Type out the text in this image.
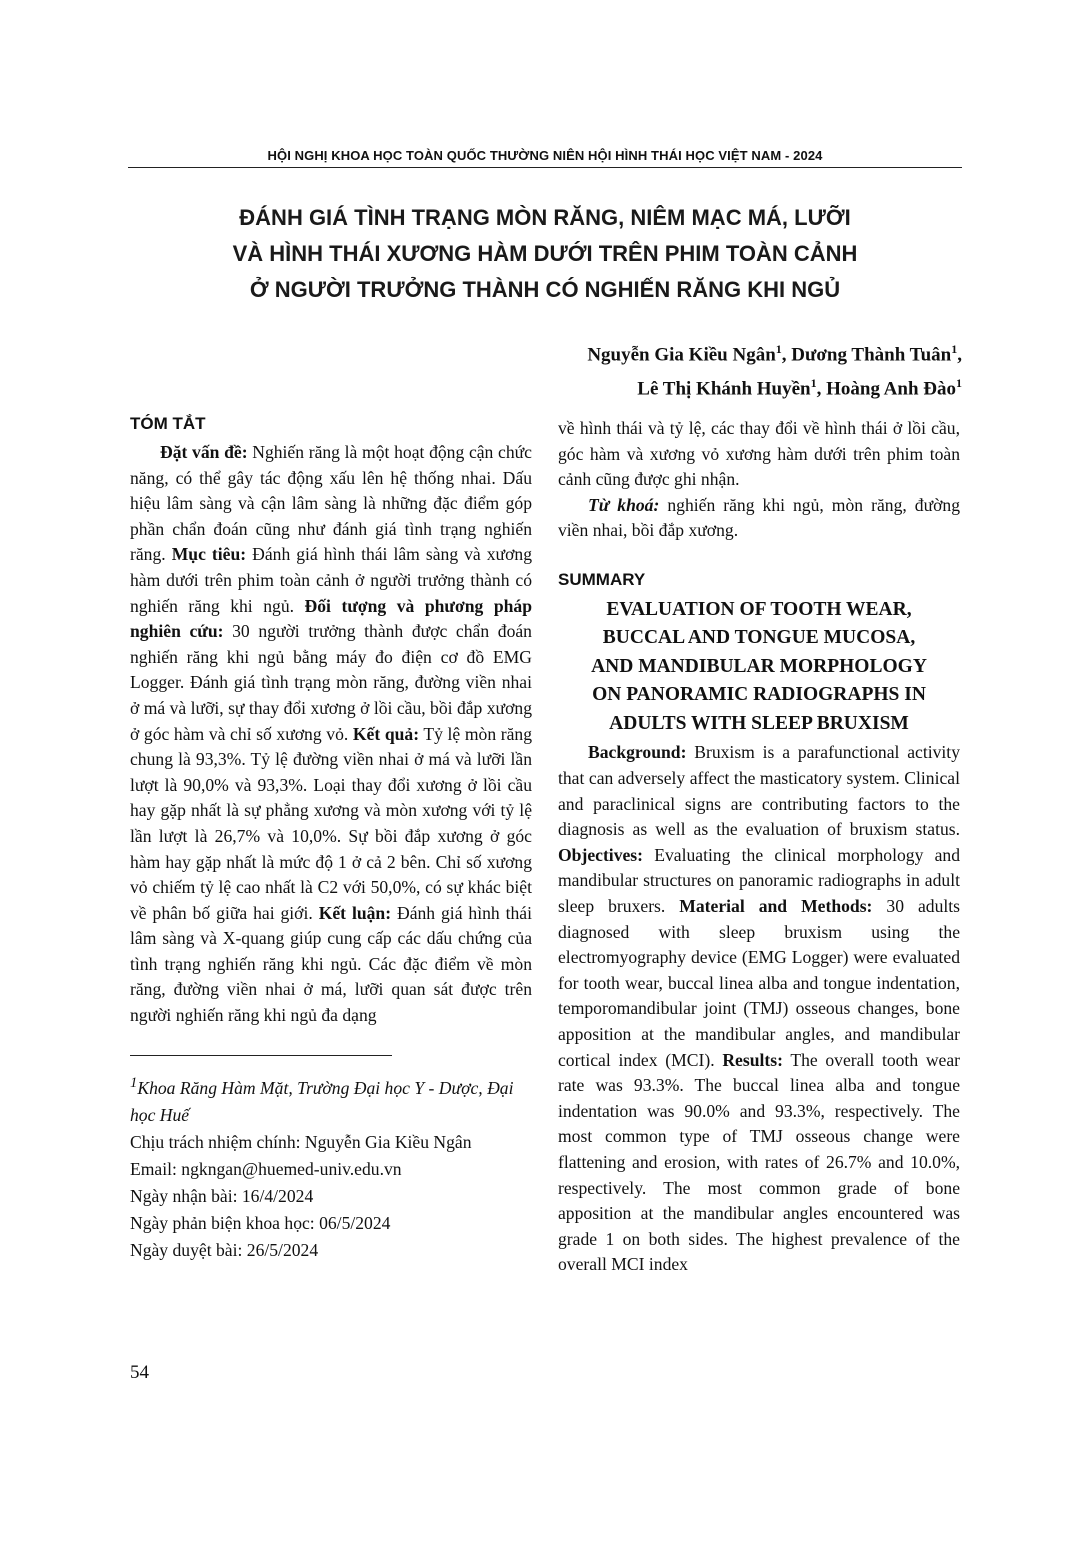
HỘI NGHỊ KHOA HỌC TOÀN QUỐC THƯỜNG NIÊN HỘI HÌNH THÁI HỌC VIỆT NAM - 2024
ĐÁNH GIÁ TÌNH TRẠNG MÒN RĂNG, NIÊM MẠC MÁ, LƯỠI
VÀ HÌNH THÁI XƯƠNG HÀM DƯỚI TRÊN PHIM TOÀN CẢNH
Ở NGƯỜI TRƯỞNG THÀNH CÓ NGHIẾN RĂNG KHI NGỦ
Nguyễn Gia Kiều Ngân$^1$, Dương Thành Tuân$^1$,
Lê Thị Khánh Huyền$^1$, Hoàng Anh Đào$^1$
TÓM TẮT

Đặt vấn đề: Nghiến răng là một hoạt động cận chức năng, có thể gây tác động xấu lên hệ thống nhai. Dấu hiệu lâm sàng và cận lâm sàng là những đặc điểm góp phần chẩn đoán cũng như đánh giá tình trạng nghiến răng. Mục tiêu: Đánh giá hình thái lâm sàng và xương hàm dưới trên phim toàn cảnh ở người trưởng thành có nghiến răng khi ngủ. Đối tượng và phương pháp nghiên cứu: 30 người trưởng thành được chẩn đoán nghiến răng khi ngủ bằng máy đo điện cơ đồ EMG Logger. Đánh giá tình trạng mòn răng, đường viền nhai ở má và lưỡi, sự thay đổi xương ở lồi cầu, bồi đắp xương ở góc hàm và chỉ số xương vỏ. Kết quả: Tỷ lệ mòn răng chung là 93,3%. Tỷ lệ đường viền nhai ở má và lưỡi lần lượt là 90,0% và 93,3%. Loại thay đổi xương ở lồi cầu hay gặp nhất là sự phẳng xương và mòn xương với tỷ lệ lần lượt là 26,7% và 10,0%. Sự bồi đắp xương ở góc hàm hay gặp nhất là mức độ 1 ở cả 2 bên. Chỉ số xương vỏ chiếm tỷ lệ cao nhất là C2 với 50,0%, có sự khác biệt về phân bố giữa hai giới. Kết luận: Đánh giá hình thái lâm sàng và X-quang giúp cung cấp các dấu chứng của tình trạng nghiến răng khi ngủ. Các đặc điểm về mòn răng, đường viền nhai ở má, lưỡi quan sát được trên người nghiến răng khi ngủ đa dạng

$^1$Khoa Răng Hàm Mặt, Trường Đại học Y - Dược, Đại học Huế

Chịu trách nhiệm chính: Nguyễn Gia Kiều Ngân

Email: ngkngan@huemed-univ.edu.vn

Ngày nhận bài: 16/4/2024

Ngày phản biện khoa học: 06/5/2024

Ngày duyệt bài: 26/5/2024

về hình thái và tỷ lệ, các thay đổi về hình thái ở lồi cầu, góc hàm và xương vỏ xương hàm dưới trên phim toàn cảnh cũng được ghi nhận.

Từ khoá: nghiến răng khi ngủ, mòn răng, đường viền nhai, bồi đắp xương.

SUMMARY
EVALUATION OF TOOTH WEAR,
BUCCAL AND TONGUE MUCOSA,
AND MANDIBULAR MORPHOLOGY
ON PANORAMIC RADIOGRAPHS IN
ADULTS WITH SLEEP BRUXISM

Background: Bruxism is a parafunctional activity that can adversely affect the masticatory system. Clinical and paraclinical signs are contributing factors to the diagnosis as well as the evaluation of bruxism status. Objectives: Evaluating the clinical morphology and mandibular structures on panoramic radiographs in adult sleep bruxers. Material and Methods: 30 adults diagnosed with sleep bruxism using the electromyography device (EMG Logger) were evaluated for tooth wear, buccal linea alba and tongue indentation, temporomandibular joint (TMJ) osseous changes, bone apposition at the mandibular angles, and mandibular cortical index (MCI). Results: The overall tooth wear rate was 93.3%. The buccal linea alba and tongue indentation was 90.0% and 93.3%, respectively. The most common type of TMJ osseous change were flattening and erosion, with rates of 26.7% and 10.0%, respectively. The most common grade of bone apposition at the mandibular angles encountered was grade 1 on both sides. The highest prevalence of the overall MCI index

54
